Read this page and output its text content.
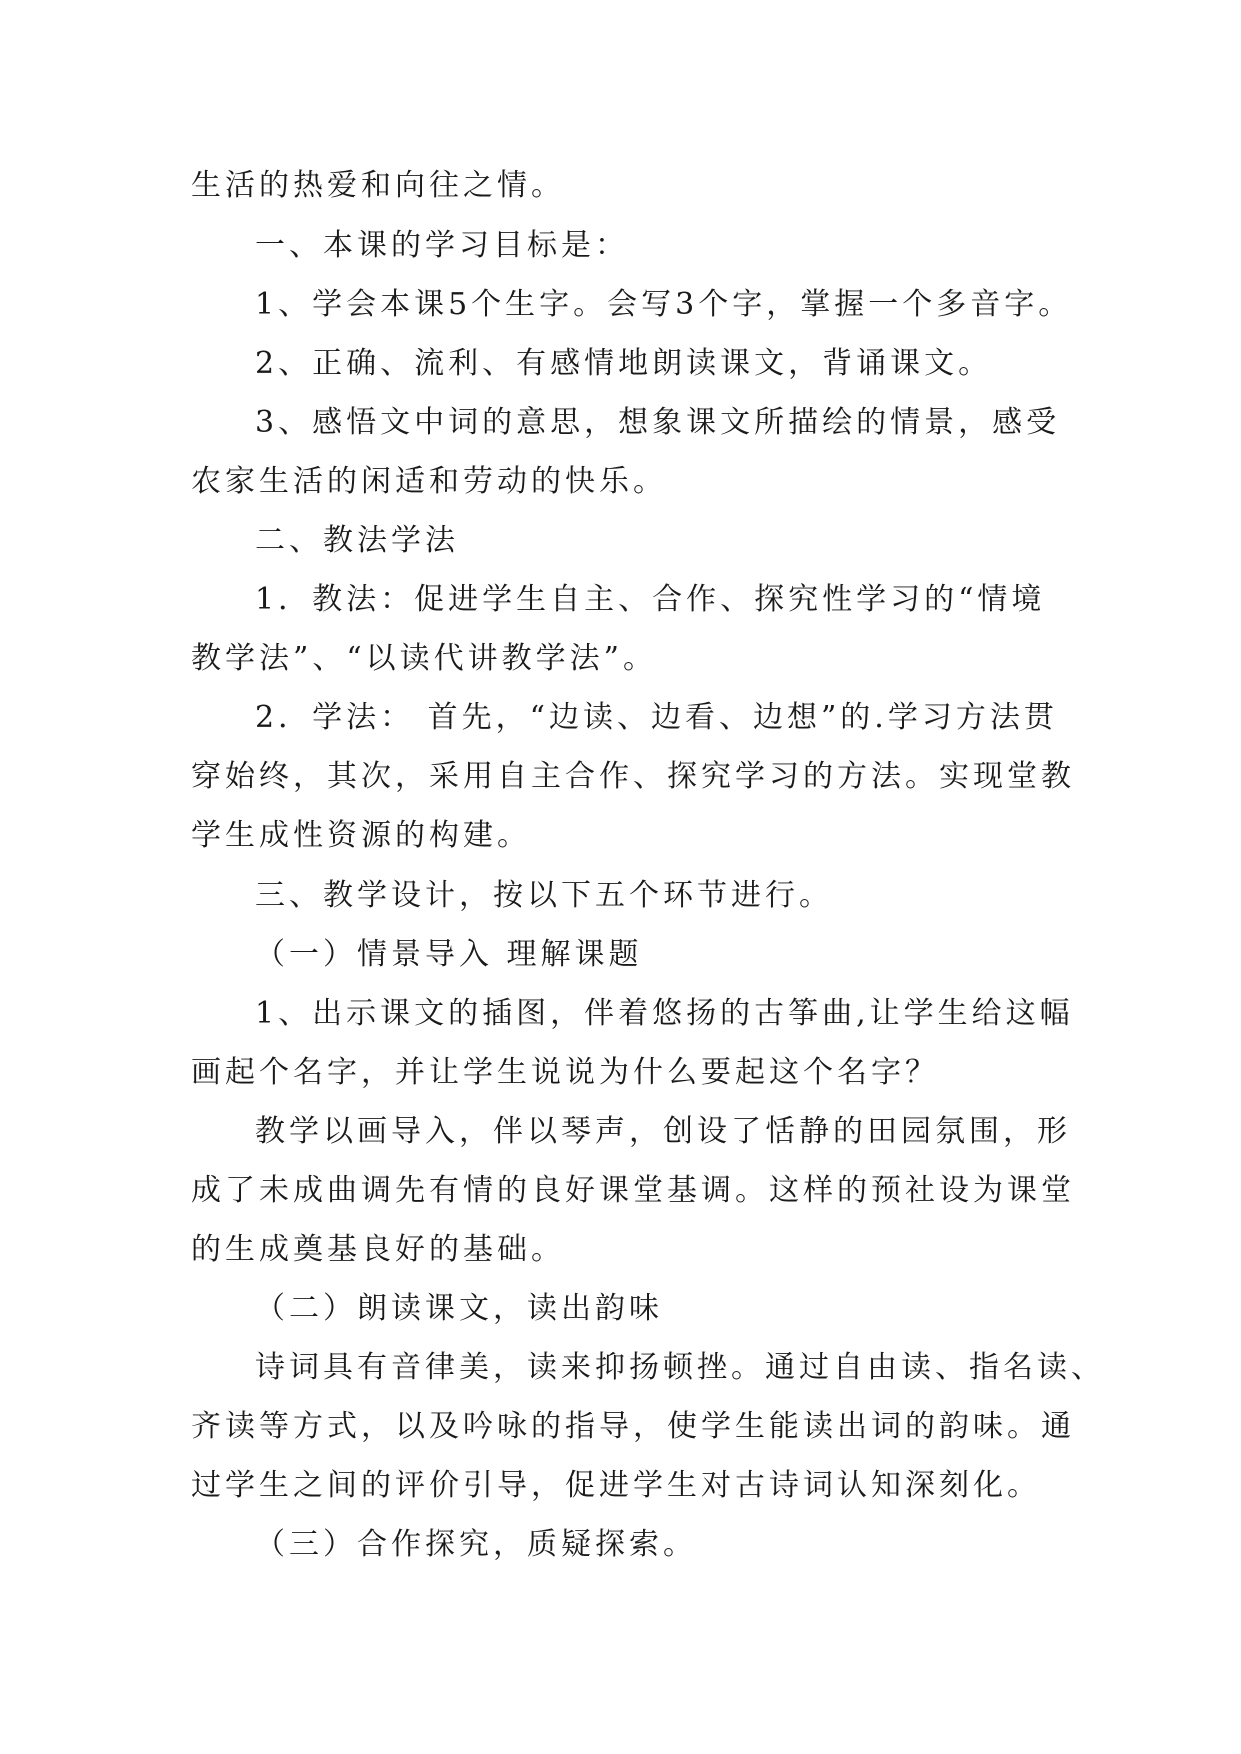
生活的热爱和向往之情。
一、本课的学习目标是：
1、学会本课5个生字。会写3个字，掌握一个多音字。
2、正确、流利、有感情地朗读课文，背诵课文。
3、感悟文中词的意思，想象课文所描绘的情景，感受
农家生活的闲适和劳动的快乐。
二、教法学法
1．教法：促进学生自主、合作、探究性学习的“情境
教学法”、“以读代讲教学法”。
2．学法： 首先，“边读、边看、边想”的.学习方法贯
穿始终，其次，采用自主合作、探究学习的方法。实现堂教
学生成性资源的构建。
三、教学设计，按以下五个环节进行。
（一）情景导入 理解课题
1、出示课文的插图，伴着悠扬的古筝曲,让学生给这幅
画起个名字，并让学生说说为什么要起这个名字？
教学以画导入，伴以琴声，创设了恬静的田园氛围，形
成了未成曲调先有情的良好课堂基调。这样的预社设为课堂
的生成奠基良好的基础。
（二）朗读课文，读出韵味
诗词具有音律美，读来抑扬顿挫。通过自由读、指名读、
齐读等方式，以及吟咏的指导，使学生能读出词的韵味。通
过学生之间的评价引导，促进学生对古诗词认知深刻化。
（三）合作探究，质疑探索。
